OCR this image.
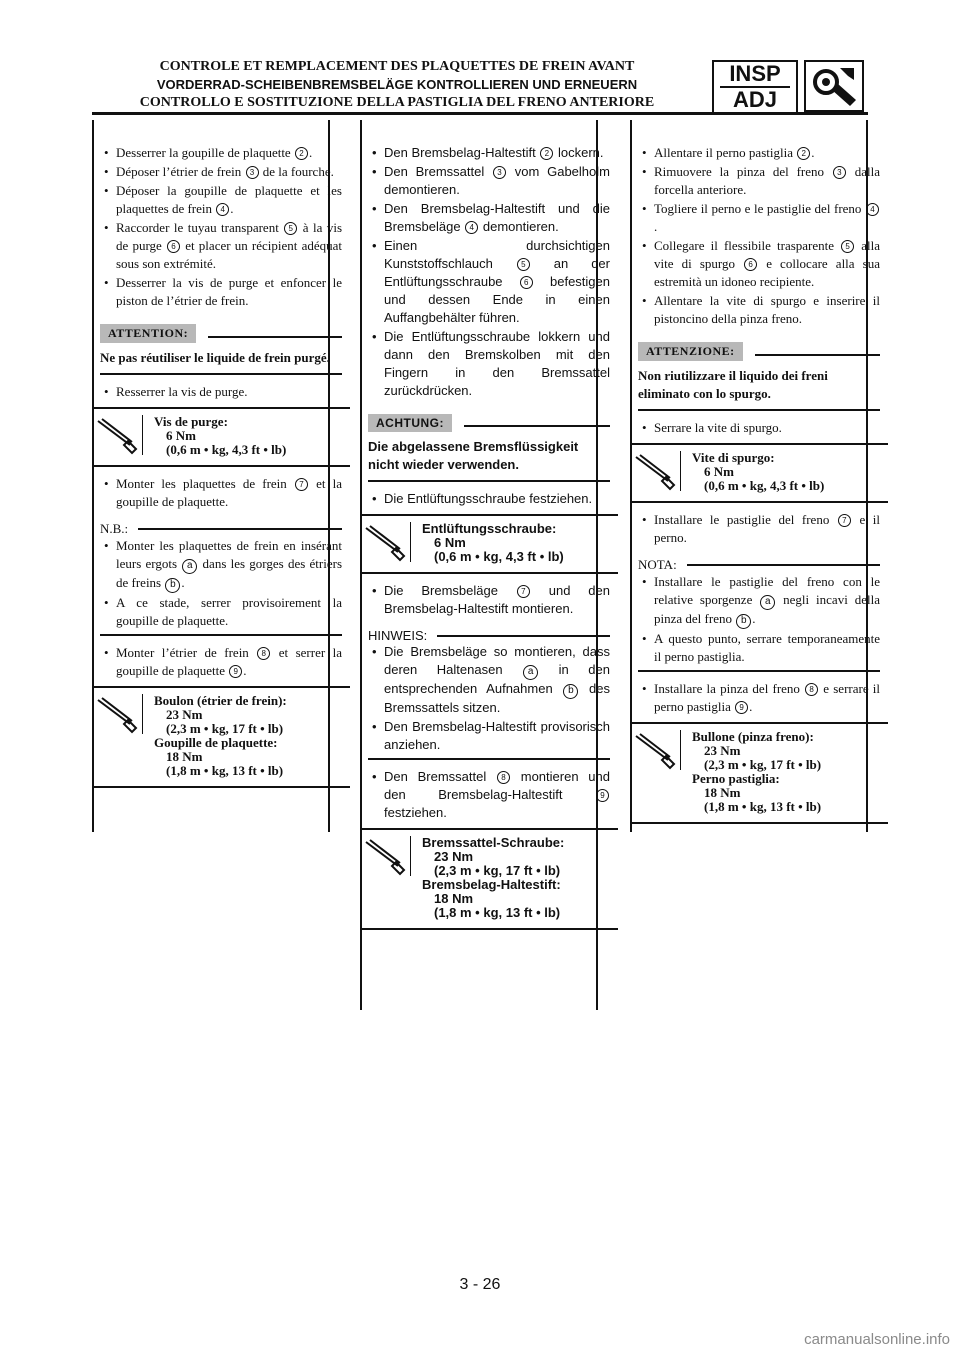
CONTROLE ET REMPLACEMENT DES PLAQUETTES DE FREIN AVANT
VORDERRAD-SCHEIBENBREMSBELÄGE KONTROLLIEREN UND ERNEUERN
CONTROLLO E SOSTITUZIONE DELLA PASTIGLIA DEL FRENO ANTERIORE
INSP
ADJ
• Desserrer la goupille de plaquette 2 .
• Déposer l’étrier de frein 3 de la fourche.
• Déposer la goupille de plaquette et les plaquettes de frein 4 .
• Raccorder le tuyau transparent 5 à la vis de purge 6 et placer un récipient adéquat sous son extrémité.
• Desserrer la vis de purge et enfoncer le piston de l’étrier de frein.
ATTENTION:
Ne pas réutiliser le liquide de frein purgé.
• Resserrer la vis de purge.
Vis de purge:
6 Nm
(0,6 m • kg, 4,3 ft • lb)
• Monter les plaquettes de frein 7 et la goupille de plaquette.
N.B.:
• Monter les plaquettes de frein en insérant leurs ergots a dans les gorges des étriers de freins b .
• A ce stade, serrer provisoirement la goupille de plaquette.
• Monter l’étrier de frein 8 et serrer la goupille de plaquette 9 .
Boulon (étrier de frein):
23 Nm
(2,3 m • kg, 17 ft • lb)
Goupille de plaquette:
18 Nm
(1,8 m • kg, 13 ft • lb)
• Den Bremsbelag-Haltestift 2 lockern.
• Den Bremssattel 3 vom Gabelholm demontieren.
• Den Bremsbelag-Haltestift und die Bremsbeläge 4 demontieren.
• Einen durchsichtigen Kunststoffschlauch	5 an der Entlüftungsschraube	6 befestigen und dessen Ende in einen Auffangbehälter führen.
• Die Entlüftungsschraube lokkern und dann den Bremskolben mit den Fingern in den Bremssattel zurückdrücken.
ACHTUNG:
Die abgelassene Bremsflüssigkeit nicht wieder verwenden.
• Die Entlüftungsschraube festziehen.
Entlüftungsschraube:
6 Nm
(0,6 m • kg, 4,3 ft • lb)
• Die Bremsbeläge	7 und den Bremsbelag-Haltestift montieren.
HINWEIS:
• Die Bremsbeläge so montieren, dass deren Haltenasen	a in den entsprechenden Aufnahmen b des Bremssattels sitzen.
• Den Bremsbelag-Haltestift provisorisch anziehen.
• Den Bremssattel 8 montieren und den Bremsbelag-Haltestift	9 festziehen.
Bremssattel-Schraube:
23 Nm
(2,3 m • kg, 17 ft • lb)
Bremsbelag-Haltestift:
18 Nm
(1,8 m • kg, 13 ft • lb)
• Allentare il perno pastiglia 2 .
• Rimuovere la pinza del freno 3 dalla forcella anteriore.
• Togliere il perno e le pastiglie del freno 4.
• Collegare il flessibile trasparente 5 alla vite di spurgo 6 e collocare alla sua estremità un idoneo recipiente.
• Allentare la vite di spurgo e inserire il pistoncino della pinza freno.
ATTENZIONE:
Non riutilizzare il liquido dei freni eliminato con lo spurgo.
• Serrare la vite di spurgo.
Vite di spurgo:
6 Nm
(0,6 m • kg, 4,3 ft • lb)
• Installare le pastiglie del freno 7 e il perno.
NOTA:
• Installare le pastiglie del freno con le relative sporgenze a negli incavi della pinza del freno b .
• A questo punto, serrare temporaneamente il perno pastiglia.
• Installare la pinza del freno 8 e serrare il perno pastiglia 9 .
Bullone (pinza freno):
23 Nm
(2,3 m • kg, 17 ft • lb)
Perno pastiglia:
18 Nm
(1,8 m • kg, 13 ft • lb)
3 - 26
carmanualsonline.info
